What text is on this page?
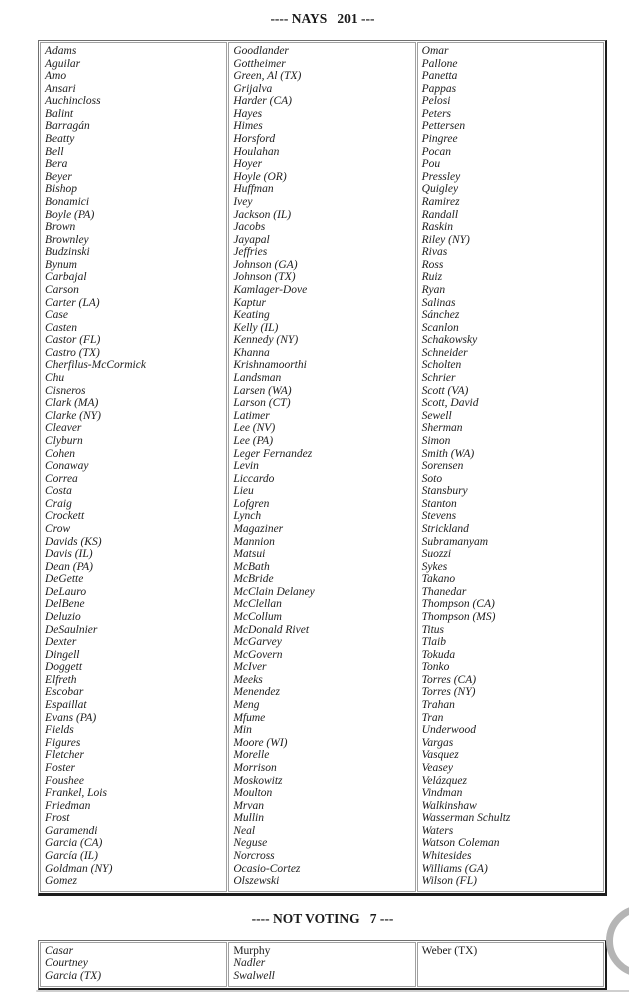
---- NAYS   201 ---
Adams
Aguilar
Amo
Ansari
Auchincloss
Balint
Barragán
Beatty
Bell
Bera
Beyer
Bishop
Bonamici
Boyle (PA)
Brown
Brownley
Budzinski
Bynum
Carbajal
Carson
Carter (LA)
Case
Casten
Castor (FL)
Castro (TX)
Cherfilus-McCormick
Chu
Cisneros
Clark (MA)
Clarke (NY)
Cleaver
Clyburn
Cohen
Conaway
Correa
Costa
Craig
Crockett
Crow
Davids (KS)
Davis (IL)
Dean (PA)
DeGette
DeLauro
DelBene
Deluzio
DeSaulnier
Dexter
Dingell
Doggett
Elfreth
Escobar
Espaillat
Evans (PA)
Fields
Figures
Fletcher
Foster
Foushee
Frankel, Lois
Friedman
Frost
Garamendi
Garcia (CA)
García (IL)
Goldman (NY)
Gomez
Goodlander
Gottheimer
Green, Al (TX)
Grijalva
Harder (CA)
Hayes
Himes
Horsford
Houlahan
Hoyer
Hoyle (OR)
Huffman
Ivey
Jackson (IL)
Jacobs
Jayapal
Jeffries
Johnson (GA)
Johnson (TX)
Kamlager-Dove
Kaptur
Keating
Kelly (IL)
Kennedy (NY)
Khanna
Krishnamoorthi
Landsman
Larsen (WA)
Larson (CT)
Latimer
Lee (NV)
Lee (PA)
Leger Fernandez
Levin
Liccardo
Lieu
Lofgren
Lynch
Magaziner
Mannion
Matsui
McBath
McBride
McClain Delaney
McClellan
McCollum
McDonald Rivet
McGarvey
McGovern
McIver
Meeks
Menendez
Meng
Mfume
Min
Moore (WI)
Morelle
Morrison
Moskowitz
Moulton
Mrvan
Mullin
Neal
Neguse
Norcross
Ocasio-Cortez
Olszewski
Omar
Pallone
Panetta
Pappas
Pelosi
Peters
Pettersen
Pingree
Pocan
Pou
Pressley
Quigley
Ramirez
Randall
Raskin
Riley (NY)
Rivas
Ross
Ruiz
Ryan
Salinas
Sánchez
Scanlon
Schakowsky
Schneider
Scholten
Schrier
Scott (VA)
Scott, David
Sewell
Sherman
Simon
Smith (WA)
Sorensen
Soto
Stansbury
Stanton
Stevens
Strickland
Subramanyam
Suozzi
Sykes
Takano
Thanedar
Thompson (CA)
Thompson (MS)
Titus
Tlaib
Tokuda
Tonko
Torres (CA)
Torres (NY)
Trahan
Tran
Underwood
Vargas
Vasquez
Veasey
Velázquez
Vindman
Walkinshaw
Wasserman Schultz
Waters
Watson Coleman
Whitesides
Williams (GA)
Wilson (FL)
---- NOT VOTING   7 ---
Casar
Courtney
Garcia (TX)
Murphy
Nadler
Swalwell
Weber (TX)
